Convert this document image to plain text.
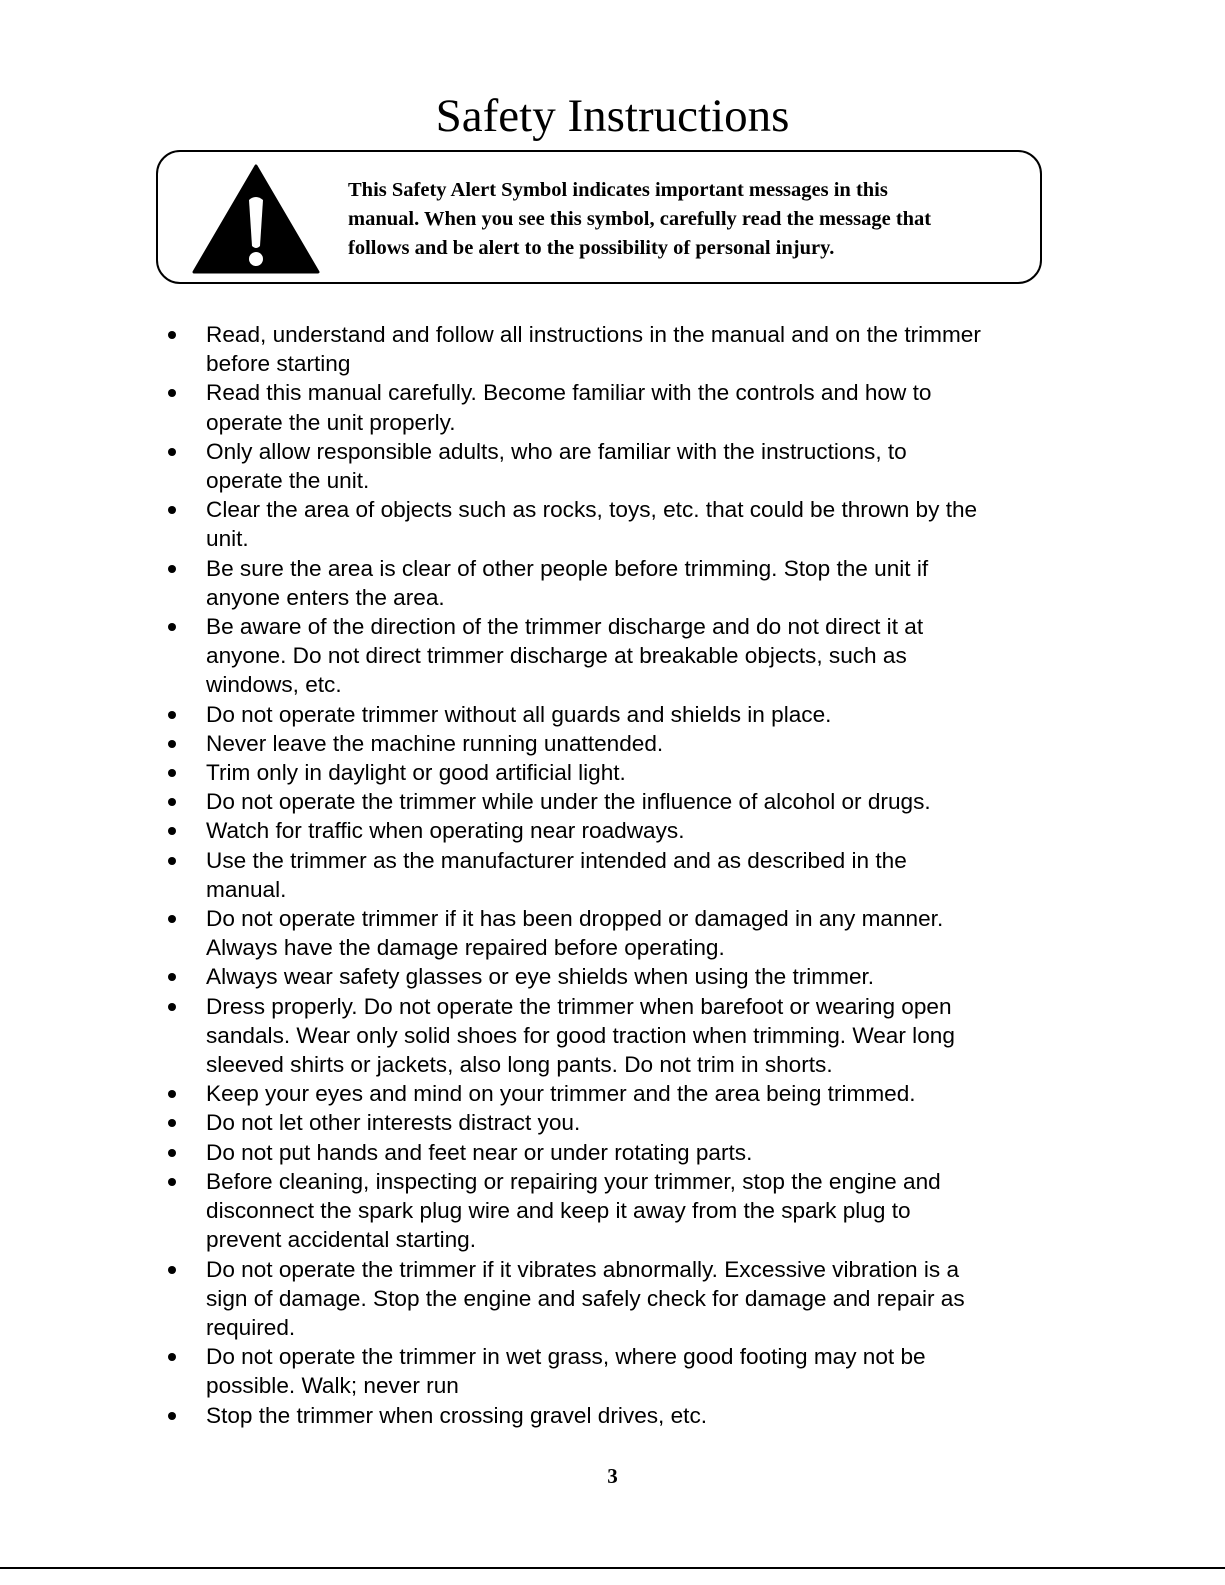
Safety Instructions

This Safety Alert Symbol indicates important messages in this
manual. When you see this symbol, carefully read the message that
follows and be alert to the possibility of personal injury.

Read, understand and follow all instructions in the manual and on the trimmer
before starting
Read this manual carefully. Become familiar with the controls and how to
operate the unit properly.
Only allow responsible adults, who are familiar with the instructions, to
operate the unit.
Clear the area of objects such as rocks, toys, etc. that could be thrown by the
unit.
Be sure the area is clear of other people before trimming. Stop the unit if
anyone enters the area.
Be aware of the direction of the trimmer discharge and do not direct it at
anyone. Do not direct trimmer discharge at breakable objects, such as
windows, etc.
Do not operate trimmer without all guards and shields in place.
Never leave the machine running unattended.
Trim only in daylight or good artificial light.
Do not operate the trimmer while under the influence of alcohol or drugs.
Watch for traffic when operating near roadways.
Use the trimmer as the manufacturer intended and as described in the
manual.
Do not operate trimmer if it has been dropped or damaged in any manner.
Always have the damage repaired before operating.
Always wear safety glasses or eye shields when using the trimmer.
Dress properly. Do not operate the trimmer when barefoot or wearing open
sandals. Wear only solid shoes for good traction when trimming. Wear long
sleeved shirts or jackets, also long pants. Do not trim in shorts.
Keep your eyes and mind on your trimmer and the area being trimmed.
Do not let other interests distract you.
Do not put hands and feet near or under rotating parts.
Before cleaning, inspecting or repairing your trimmer, stop the engine and
disconnect the spark plug wire and keep it away from the spark plug to
prevent accidental starting.
Do not operate the trimmer if it vibrates abnormally. Excessive vibration is a
sign of damage. Stop the engine and safely check for damage and repair as
required.
Do not operate the trimmer in wet grass, where good footing may not be
possible. Walk; never run
Stop the trimmer when crossing gravel drives, etc.
3
